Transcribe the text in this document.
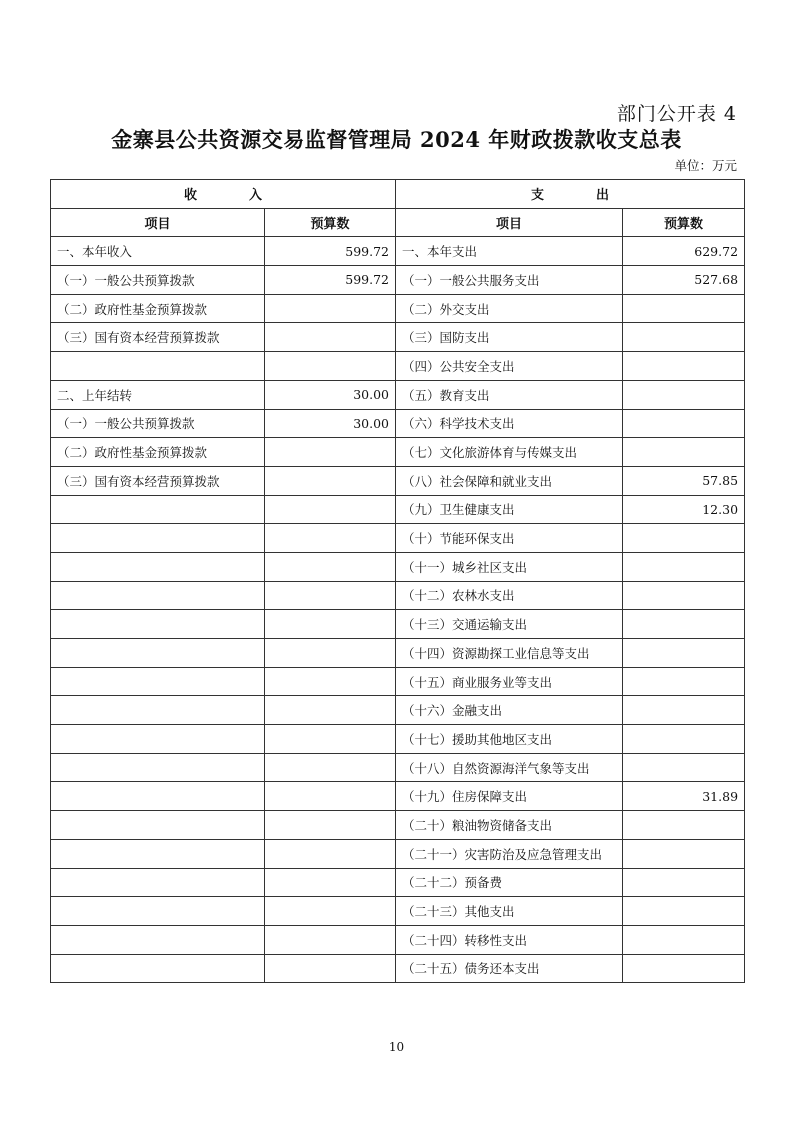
部门公开表 4
金寨县公共资源交易监督管理局 2024 年财政拨款收支总表
单位：万元
收　　　　入		支　　　　出	
项目	预算数	项目	预算数
一、本年收入	599.72	一、本年支出	629.72
（一）一般公共预算拨款	599.72	（一）一般公共服务支出	527.68
（二）政府性基金预算拨款		（二）外交支出	
（三）国有资本经营预算拨款		（三）国防支出	
		（四）公共安全支出	
二、上年结转	30.00	（五）教育支出	
（一）一般公共预算拨款	30.00	（六）科学技术支出	
（二）政府性基金预算拨款		（七）文化旅游体育与传媒支出	
（三）国有资本经营预算拨款		（八）社会保障和就业支出	57.85
		（九）卫生健康支出	12.30
		（十）节能环保支出	
		（十一）城乡社区支出	
		（十二）农林水支出	
		（十三）交通运输支出	
		（十四）资源勘探工业信息等支出	
		（十五）商业服务业等支出	
		（十六）金融支出	
		（十七）援助其他地区支出	
		（十八）自然资源海洋气象等支出	
		（十九）住房保障支出	31.89
		（二十）粮油物资储备支出	
		（二十一）灾害防治及应急管理支出	
		（二十二）预备费	
		（二十三）其他支出	
		（二十四）转移性支出	
		（二十五）债务还本支出	
10
